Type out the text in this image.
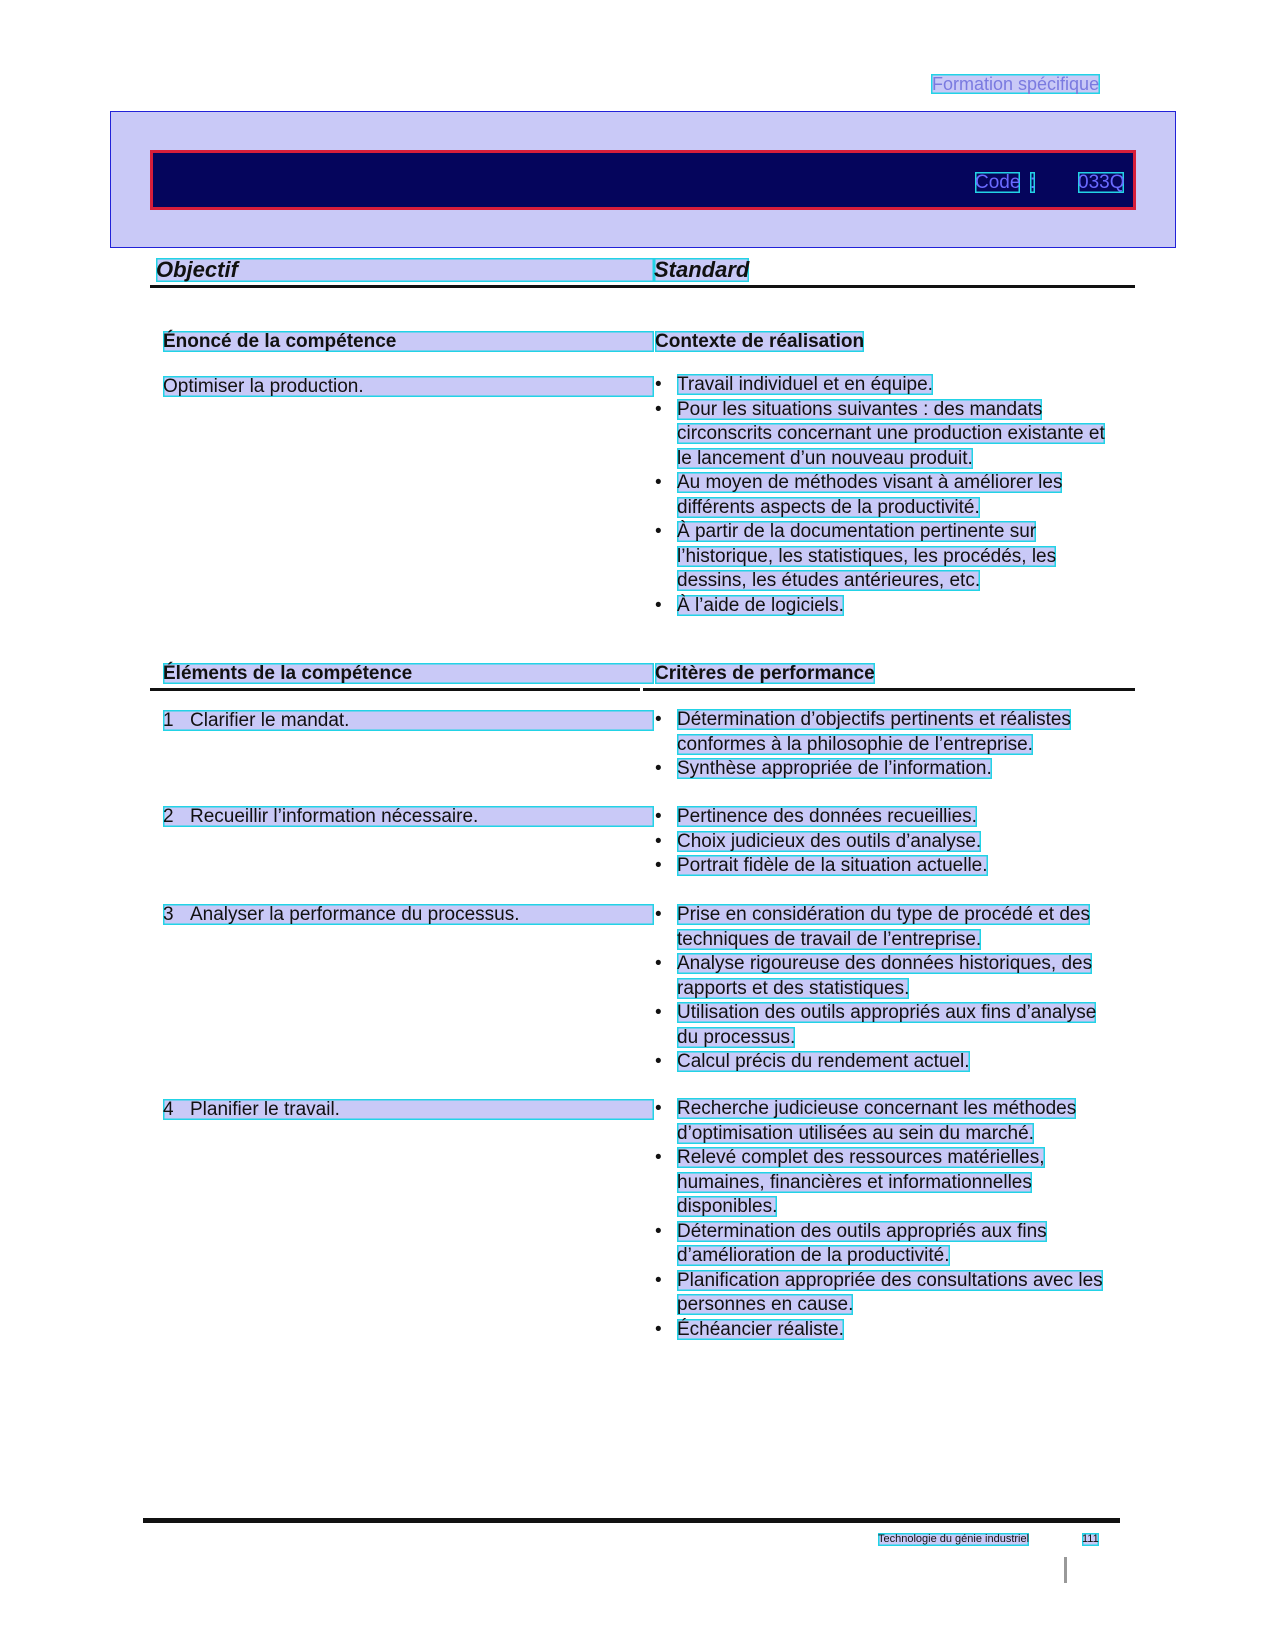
Formation spécifique
Code : 033Q
Objectif	Standard
Énoncé de la compétence	Contexte de réalisation
Optimiser la production.	• Travail individuel et en équipe.
• Pour les situations suivantes : des mandats circonscrits concernant une production existante et le lancement d’un nouveau produit.
• Au moyen de méthodes visant à améliorer les différents aspects de la productivité.
• À partir de la documentation pertinente sur l’historique, les statistiques, les procédés, les dessins, les études antérieures, etc.
• À l’aide de logiciels.
Éléments de la compétence	Critères de performance
1 Clarifier le mandat.	• Détermination d’objectifs pertinents et réalistes conformes à la philosophie de l’entreprise.
• Synthèse appropriée de l’information.
2 Recueillir l’information nécessaire.	• Pertinence des données recueillies.
• Choix judicieux des outils d’analyse.
• Portrait fidèle de la situation actuelle.
3 Analyser la performance du processus.	• Prise en considération du type de procédé et des techniques de travail de l’entreprise.
• Analyse rigoureuse des données historiques, des rapports et des statistiques.
• Utilisation des outils appropriés aux fins d’analyse du processus.
• Calcul précis du rendement actuel.
4 Planifier le travail.	• Recherche judicieuse concernant les méthodes d’optimisation utilisées au sein du marché.
• Relevé complet des ressources matérielles, humaines, financières et informationnelles disponibles.
• Détermination des outils appropriés aux fins d’amélioration de la productivité.
• Planification appropriée des consultations avec les personnes en cause.
• Échéancier réaliste.
Technologie du génie industriel	111
